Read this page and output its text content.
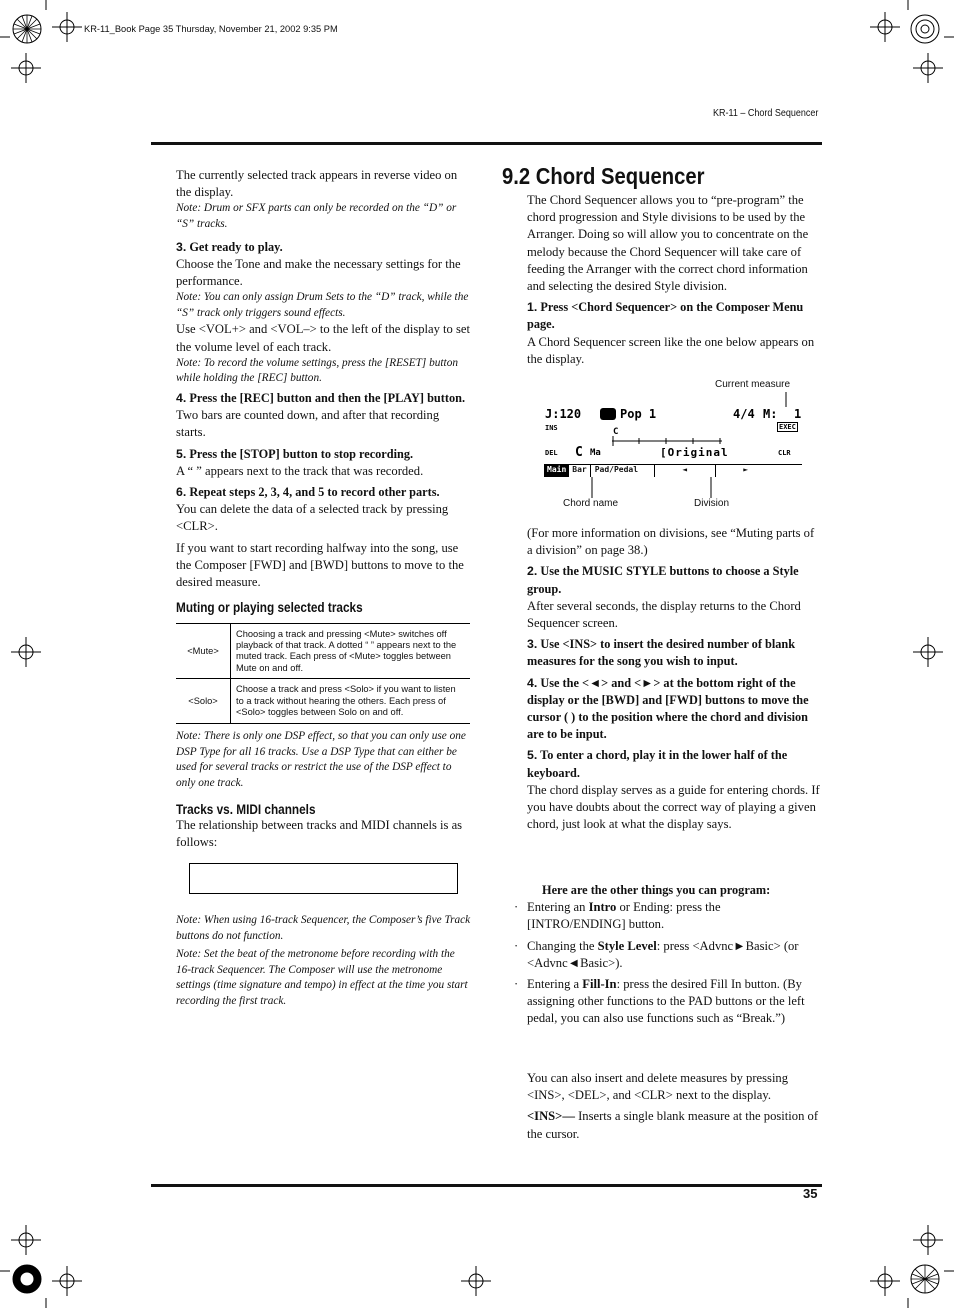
KR-11_Book Page 35 Thursday, November 21, 2002 9:35 PM
KR-11 – Chord Sequencer
35
The currently selected track appears in reverse video on the display.
Note: Drum or SFX parts can only be recorded on the “D” or “S” tracks.
3. Get ready to play.
Choose the Tone and make the necessary settings for the performance.
Note: You can only assign Drum Sets to the “D” track, while the “S” track only triggers sound effects.
Use <VOL+> and <VOL–> to the left of the display to set the volume level of each track.
Note: To record the volume settings, press the [RESET] button while holding the [REC] button.
4. Press the [REC] button and then the [PLAY] button.
Two bars are counted down, and after that recording starts.
5. Press the [STOP] button to stop recording.
A “ ” appears next to the track that was recorded.
6. Repeat steps 2, 3, 4, and 5 to record other parts.
You can delete the data of a selected track by pressing <CLR>.
If you want to start recording halfway into the song, use the Composer [FWD] and [BWD] buttons to move to the desired measure.
Muting or playing selected tracks
<Mute>	Choosing a track and pressing <Mute> switches off playback of that track. A dotted “ ” appears next to the muted track. Each press of <Mute> toggles between Mute on and off.
<Solo>	Choose a track and press <Solo> if you want to listen to a track without hearing the others. Each press of <Solo> toggles between Solo on and off.
Note: There is only one DSP effect, so that you can only use one DSP Type for all 16 tracks. Use a DSP Type that can either be used for several tracks or restrict the use of the DSP effect to only one track.
Tracks vs. MIDI channels
The relationship between tracks and MIDI channels is as follows:
Note: When using 16-track Sequencer, the Composer’s five Track buttons do not function.
Note: Set the beat of the metronome before recording with the 16-track Sequencer. The Composer will use the metronome settings (time signature and tempo) in effect at the time you start recording the first track.
9.2 Chord Sequencer
The Chord Sequencer allows you to “pre-program” the chord progression and Style divisions to be used by the Arranger. Doing so will allow you to concentrate on the melody because the Chord Sequencer will take care of feeding the Arranger with the correct chord information and selecting the desired Style division.
1. Press <Chord Sequencer> on the Composer Menu page.
A Chord Sequencer screen like the one below appears on the display.
Current measure
J:120	Pop 1	4/4 M: 1
INS	EXEC
C
DEL C Ma	[Original	CLR
Main Bar	Pad/Pedal	◄	►
Chord name	Division
(For more information on divisions, see “Muting parts of a division” on page 38.)
2. Use the MUSIC STYLE buttons to choose a Style group.
After several seconds, the display returns to the Chord Sequencer screen.
3. Use <INS> to insert the desired number of blank measures for the song you wish to input.
4. Use the <◄> and <►> at the bottom right of the display or the [BWD] and [FWD] buttons to move the cursor ( ) to the position where the chord and division are to be input.
5. To enter a chord, play it in the lower half of the keyboard.
The chord display serves as a guide for entering chords. If you have doubts about the correct way of playing a given chord, just look at what the display says.
Here are the other things you can program:
· Entering an Intro or Ending: press the [INTRO/ENDING] button.
· Changing the Style Level: press <Advnc►Basic> (or <Advnc◄Basic>).
· Entering a Fill-In: press the desired Fill In button. (By assigning other functions to the PAD buttons or the left pedal, you can also use functions such as “Break.”)
You can also insert and delete measures by pressing <INS>, <DEL>, and <CLR> next to the display.
<INS>— Inserts a single blank measure at the position of the cursor.
